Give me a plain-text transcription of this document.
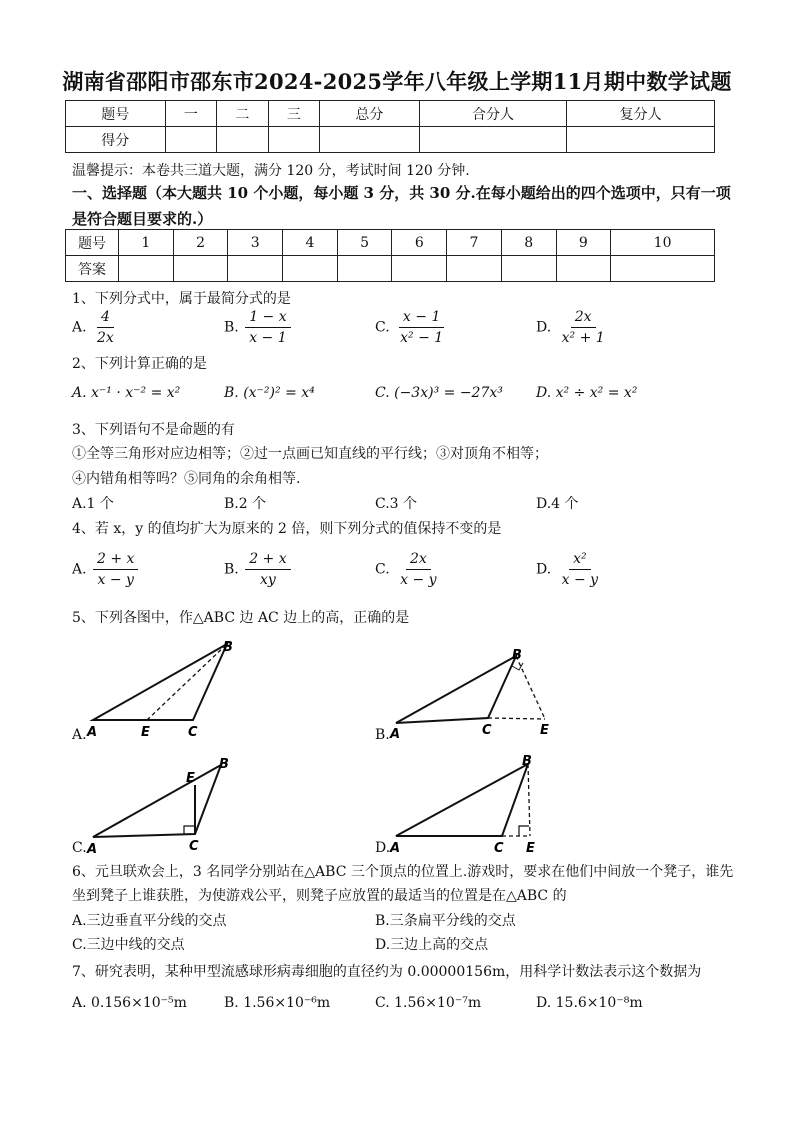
湖南省邵阳市邵东市2024-2025学年八年级上学期11月期中数学试题
题号	一	二	三	总分	合分人	复分人
得分						
温馨提示：本卷共三道大题，满分 120 分，考试时间 120 分钟.
一、选择题（本大题共 10 个小题，每小题 3 分，共 30 分.在每小题给出的四个选项中，只有一项是符合题目要求的.）
题号	1	2	3	4	5	6	7	8	9	10
答案										
1、下列分式中，属于最简分式的是
A. $\frac{4}{2x}$	B. $\frac{1 - x}{x - 1}$	C. $\frac{x - 1}{\text{x² − 1}}$	D. $\frac{2x}{\text{x² + 1}}$
2、下列计算正确的是
A. x⁻¹ · x⁻² = x²	B. (x⁻²)² = x⁴	C. (−3x)³ = −27x³ D. x² ÷ x² = x²
3、下列语句不是命题的有
①全等三角形对应边相等；②过一点画已知直线的平行线；③对顶角不相等；
④内错角相等吗？⑤同角的余角相等.
A.1 个	B.2 个	C.3 个	D.4 个
4、若 x，y 的值均扩大为原来的 2 倍，则下列分式的值保持不变的是
A. $\frac{2 + x}{x - y}$	B. $\frac{2 + x}{xy}$	C. $\frac{2x}{x - y}$	D. $\frac{\text{x²}}{x - y}$
5、下列各图中，作△ABC 边 AC 边上的高，正确的是
A. A
B
C
E	B. A
B
C	E
C. A
B
C
E
D. A
B
C E
6、元旦联欢会上，3 名同学分别站在△ABC 三个顶点的位置上.游戏时，要求在他们中间放一个凳子，谁先
坐到凳子上谁获胜，为使游戏公平，则凳子应放置的最适当的位置是在△ABC 的
A.三边垂直平分线的交点	B.三条扁平分线的交点
C.三边中线的交点	D.三边上高的交点
7、研究表明，某种甲型流感球形病毒细胞的直径约为 0.00000156m，用科学计数法表示这个数据为
A. 0.156×10⁻⁵m	B. 1.56×10⁻⁶m	C. 1.56×10⁻⁷m	D. 15.6×10⁻⁸m
